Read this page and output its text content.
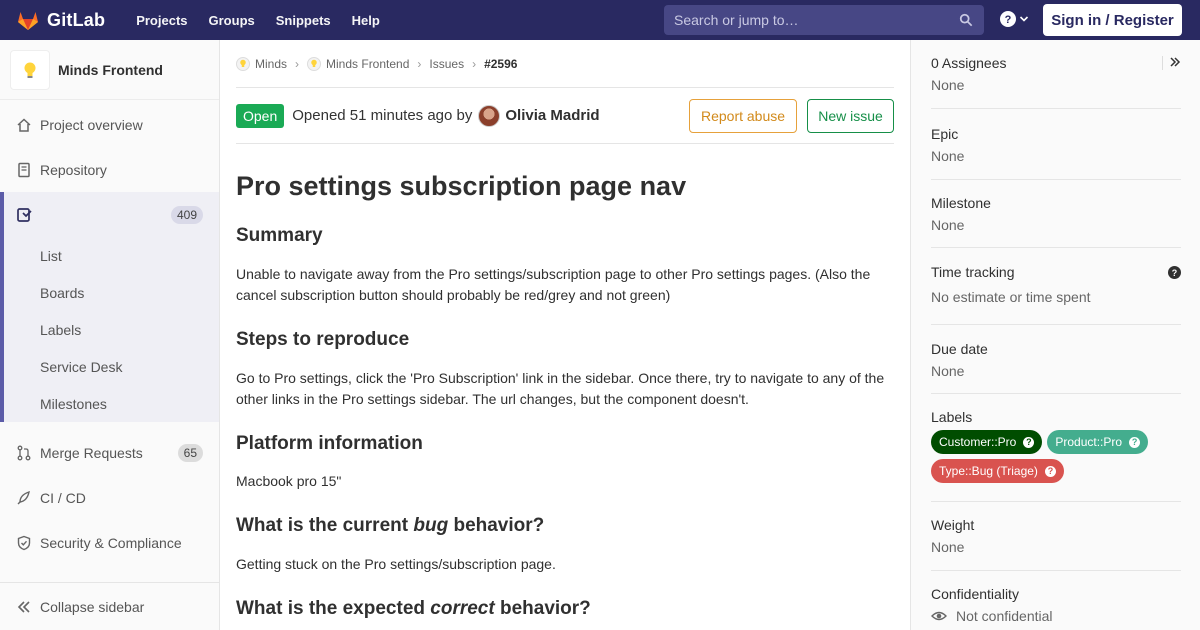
GitLab Projects Groups Snippets Help
Search or jump to…	?	Sign in / Register
Minds Frontend
Project overview
Repository
409
List
Boards
Labels
Service Desk
Milestones
Merge Requests	65
CI / CD
Security & Compliance
Collapse sidebar
Minds › Minds Frontend › Issues › #2596
Open	Opened 51 minutes ago by Olivia Madrid	Report abuse	New issue
Pro settings subscription page nav
Summary

Unable to navigate away from the Pro settings/subscription page to other Pro settings pages. (Also the cancel subscription button should probably be red/grey and not green)

Steps to reproduce

Go to Pro settings, click the 'Pro Subscription' link in the sidebar. Once there, try to navigate to any of the other links in the Pro settings sidebar. The url changes, but the component doesn't.

Platform information

Macbook pro 15"

What is the current bug behavior?

Getting stuck on the Pro settings/subscription page.

What is the expected correct behavior?

0 Assignees
None
Epic
None
Milestone
None
Time tracking
No estimate or time spent
?
Due date
None
Labels
Customer::Pro	? Product::Pro	?
Type::Bug (Triage)	?
Weight
None
Confidentiality
Not confidential
